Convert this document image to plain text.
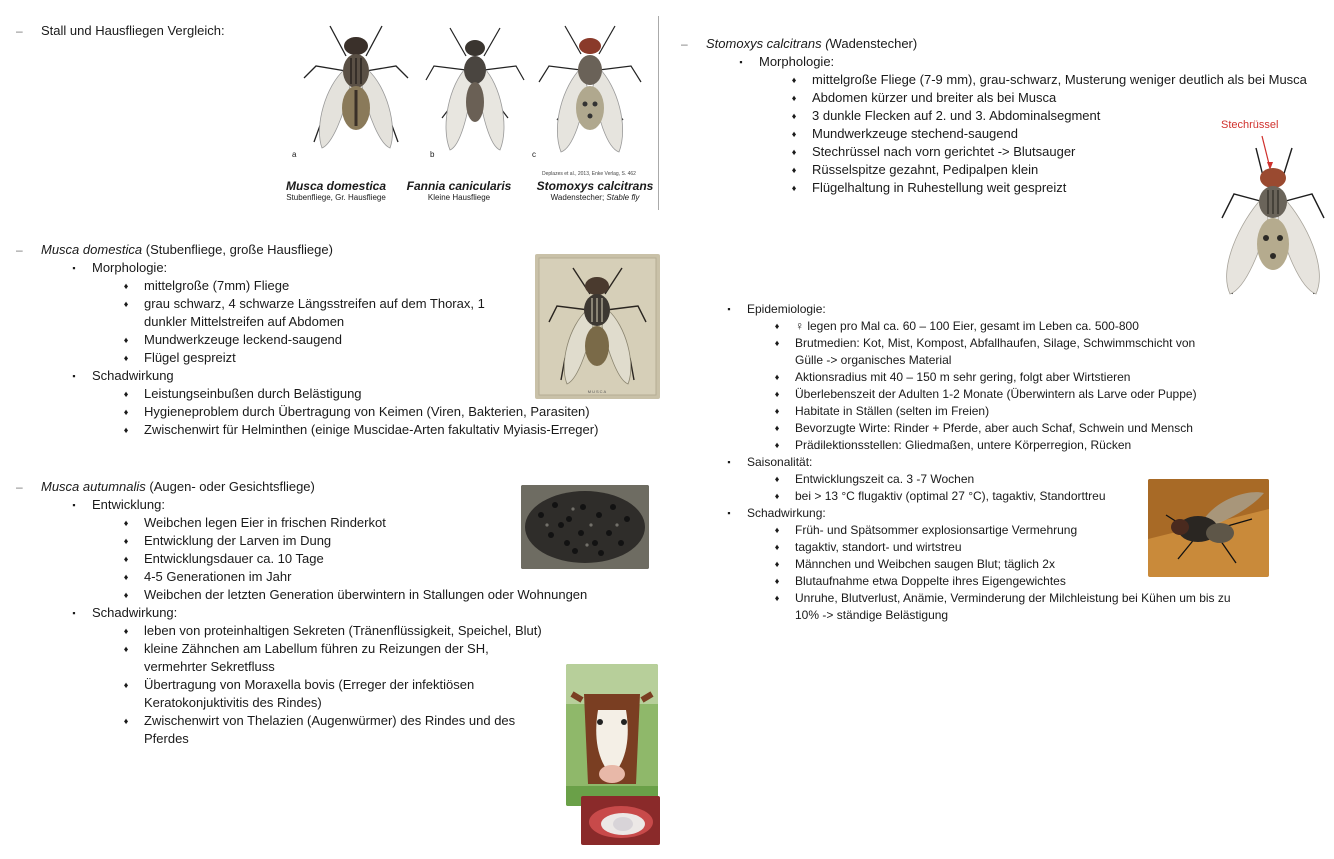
– Stall und Hausfliegen Vergleich:
a	b	c
Deplazes et al., 2013, Enke Verlag, S. 462
Musca domestica
Stubenfliege, Gr. Hausfliege
Fannia canicularis
Kleine Hausfliege
Stomoxys calcitrans
Wadenstecher; Stable fly
– Musca domestica (Stubenfliege, große Hausfliege)
▪	Morphologie:
♦	mittelgroße (7mm) Fliege
♦	grau schwarz, 4 schwarze Längsstreifen auf dem Thorax, 1 dunkler Mittelstreifen auf Abdomen
♦	Mundwerkzeuge leckend-saugend
♦	Flügel gespreizt
▪	Schadwirkung
♦	Leistungseinbußen durch Belästigung
♦	Hygieneproblem durch Übertragung von Keimen (Viren, Bakterien, Parasiten)
♦	Zwischenwirt für Helminthen (einige Muscidae-Arten fakultativ Myiasis-Erreger)
MUSCA
– Musca autumnalis (Augen- oder Gesichtsfliege)
▪	Entwicklung:
♦	Weibchen legen Eier in frischen Rinderkot
♦	Entwicklung der Larven im Dung
♦	Entwicklungsdauer ca. 10 Tage
♦	4-5 Generationen im Jahr
♦	Weibchen der letzten Generation überwintern in Stallungen oder Wohnungen
▪	Schadwirkung:
♦	leben von proteinhaltigen Sekreten (Tränenflüssigkeit, Speichel, Blut)
♦	kleine Zähnchen am Labellum führen zu Reizungen der SH, vermehrter Sekretfluss
♦	Übertragung von Moraxella bovis (Erreger der infektiösen Keratokonjuktivitis des Rindes)
♦	Zwischenwirt von Thelazien (Augenwürmer) des Rindes und des Pferdes
– Stomoxys calcitrans (Wadenstecher)
▪	Morphologie:
♦	mittelgroße Fliege (7-9 mm), grau-schwarz, Musterung weniger deutlich als bei Musca
♦	Abdomen kürzer und breiter als bei Musca
♦	3 dunkle Flecken auf 2. und 3. Abdominalsegment
♦	Mundwerkzeuge stechend-saugend
♦	Stechrüssel nach vorn gerichtet -> Blutsauger
♦	Rüsselspitze gezahnt, Pedipalpen klein
♦	Flügelhaltung in Ruhestellung weit gespreizt
Stechrüssel
▪	Epidemiologie:
♦	♀ legen pro Mal ca. 60 – 100 Eier, gesamt im Leben ca. 500-800
♦	Brutmedien: Kot, Mist, Kompost, Abfallhaufen, Silage, Schwimmschicht von Gülle -> organisches Material
♦	Aktionsradius mit 40 – 150 m sehr gering, folgt aber Wirtstieren
♦	Überlebenszeit der Adulten 1-2 Monate (Überwintern als Larve oder Puppe)
♦	Habitate in Ställen (selten im Freien)
♦	Bevorzugte Wirte: Rinder + Pferde, aber auch Schaf, Schwein und Mensch
♦	Prädilektionsstellen: Gliedmaßen, untere Körperregion, Rücken
▪	Saisonalität:
♦	Entwicklungszeit ca. 3 -7 Wochen
♦	bei > 13 °C flugaktiv (optimal 27 °C), tagaktiv, Standorttreu
▪	Schadwirkung:
♦	Früh- und Spätsommer explosionsartige Vermehrung
♦	tagaktiv, standort- und wirtstreu
♦	Männchen und Weibchen saugen Blut; täglich 2x
♦	Blutaufnahme etwa Doppelte ihres Eigengewichtes
♦	Unruhe, Blutverlust, Anämie, Verminderung der Milchleistung bei Kühen um bis zu 10% -> ständige Belästigung
